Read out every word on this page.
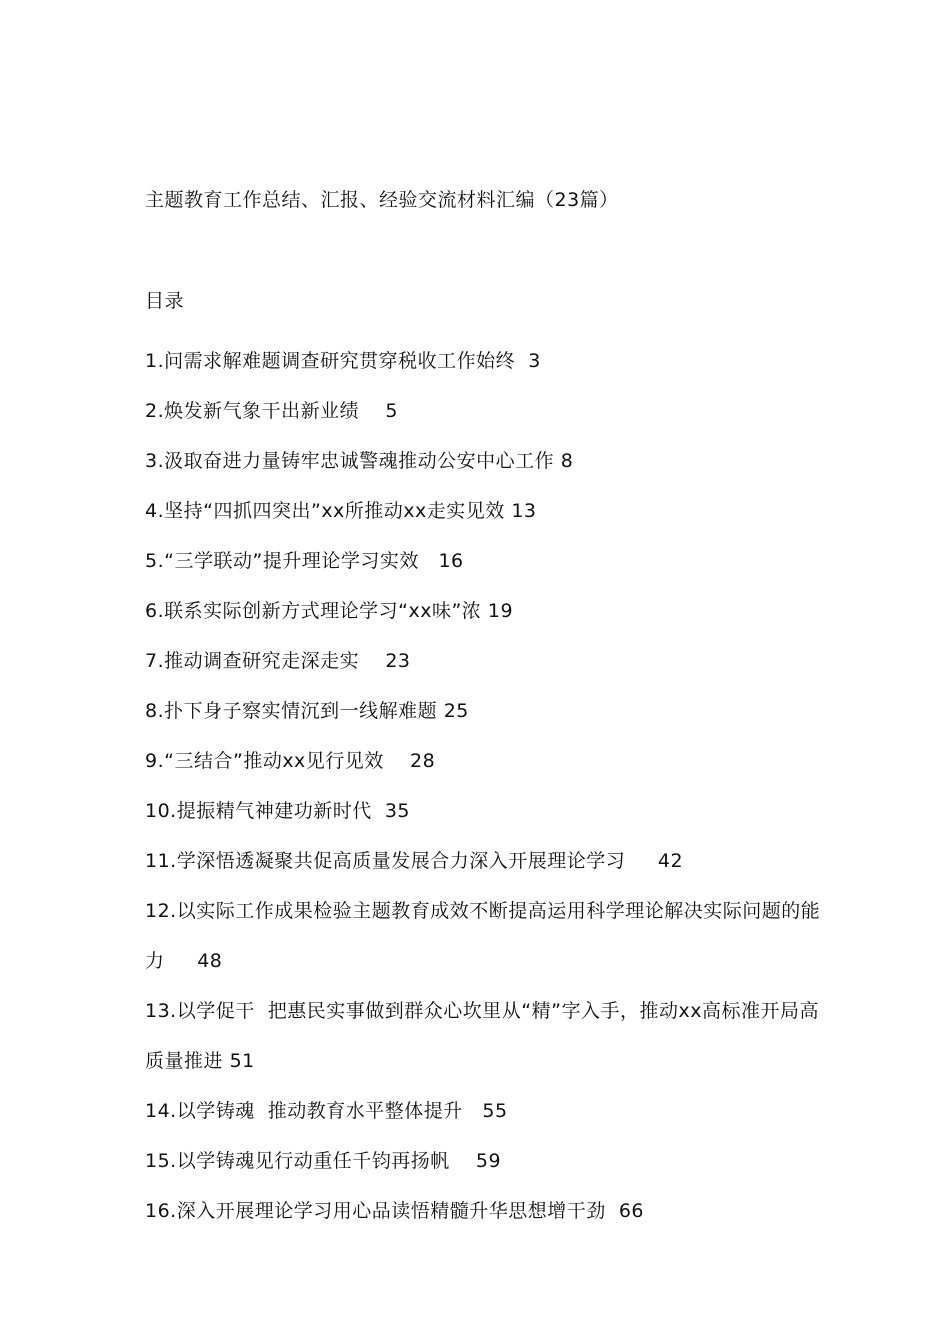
主题教育工作总结、汇报、经验交流材料汇编（23篇）
目录
1.问需求解难题调查研究贯穿税收工作始终 3
2.焕发新气象干出新业绩 5
3.汲取奋进力量铸牢忠诚警魂推动公安中心工作 8
4.坚持“四抓四突出”xx所推动xx走实见效 13
5.“三学联动”提升理论学习实效 16
6.联系实际创新方式理论学习“xx味”浓 19
7.推动调查研究走深走实 23
8.扑下身子察实情沉到一线解难题 25
9.“三结合”推动xx见行见效 28
10.提振精气神建功新时代 35
11.学深悟透凝聚共促高质量发展合力深入开展理论学习 42
12.以实际工作成果检验主题教育成效不断提高运用科学理论解决实际问题的能力 48
13.以学促干  把惠民实事做到群众心坎里从“精”字入手，推动xx高标准开局高质量推进 51
14.以学铸魂  推动教育水平整体提升 55
15.以学铸魂见行动重任千钧再扬帆 59
16.深入开展理论学习用心品读悟精髓升华思想增干劲 66
